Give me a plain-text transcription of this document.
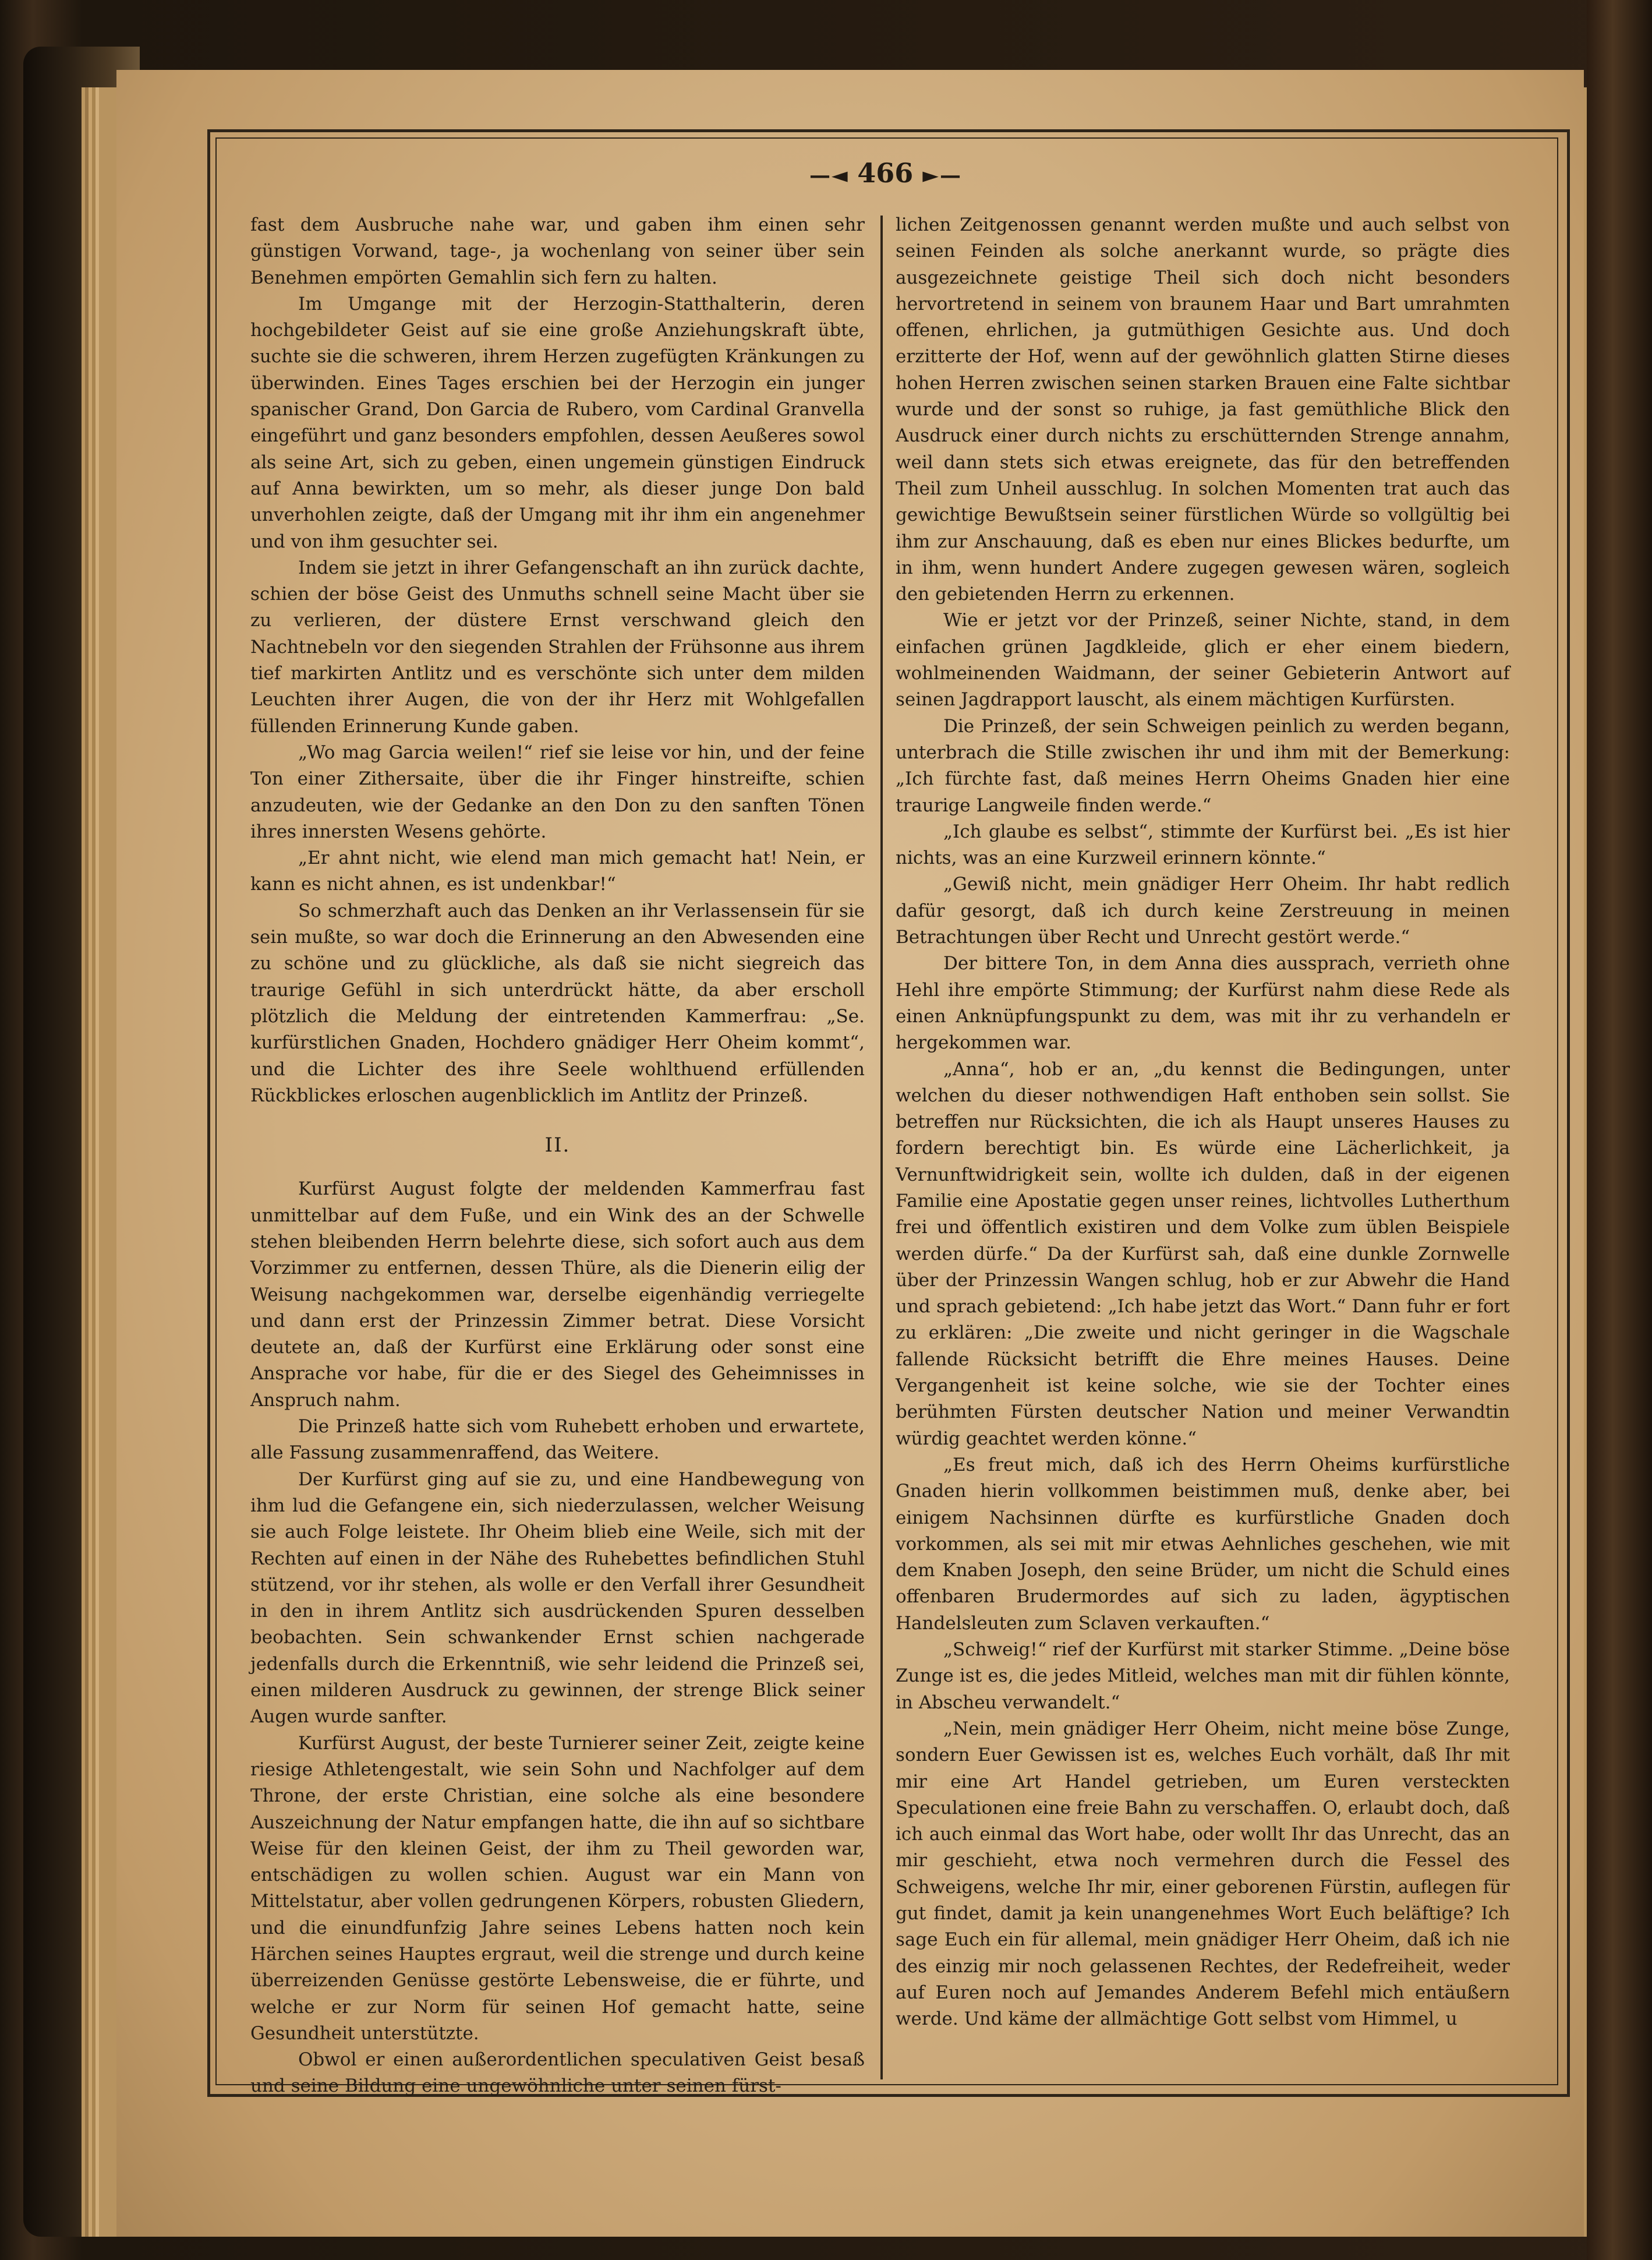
—◄ 466 ►—

fast dem Ausbruche nahe war, und gaben ihm einen sehr günstigen Vorwand, tage-, ja wochenlang von seiner über sein Benehmen empörten Gemahlin sich fern zu halten.

Im Umgange mit der Herzogin-Statthalterin, deren hochgebildeter Geist auf sie eine große Anziehungskraft übte, suchte sie die schweren, ihrem Herzen zugefügten Kränkungen zu überwinden. Eines Tages erschien bei der Herzogin ein junger spanischer Grand, Don Garcia de Rubero, vom Cardinal Granvella eingeführt und ganz besonders empfohlen, dessen Aeußeres sowol als seine Art, sich zu geben, einen ungemein günstigen Eindruck auf Anna bewirkten, um so mehr, als dieser junge Don bald unverhohlen zeigte, daß der Umgang mit ihr ihm ein angenehmer und von ihm gesuchter sei.

Indem sie jetzt in ihrer Gefangenschaft an ihn zurück dachte, schien der böse Geist des Unmuths schnell seine Macht über sie zu verlieren, der düstere Ernst verschwand gleich den Nachtnebeln vor den siegenden Strahlen der Frühsonne aus ihrem tief markirten Antlitz und es verschönte sich unter dem milden Leuchten ihrer Augen, die von der ihr Herz mit Wohlgefallen füllenden Erinnerung Kunde gaben.

„Wo mag Garcia weilen!“ rief sie leise vor hin, und der feine Ton einer Zithersaite, über die ihr Finger hinstreifte, schien anzudeuten, wie der Gedanke an den Don zu den sanften Tönen ihres innersten Wesens gehörte.

„Er ahnt nicht, wie elend man mich gemacht hat! Nein, er kann es nicht ahnen, es ist undenkbar!“

So schmerzhaft auch das Denken an ihr Verlassensein für sie sein mußte, so war doch die Erinnerung an den Abwesenden eine zu schöne und zu glückliche, als daß sie nicht siegreich das traurige Gefühl in sich unterdrückt hätte, da aber erscholl plötzlich die Meldung der eintretenden Kammerfrau: „Se. kurfürstlichen Gnaden, Hochdero gnädiger Herr Oheim kommt“, und die Lichter des ihre Seele wohlthuend erfüllenden Rückblickes erloschen augenblicklich im Antlitz der Prinzeß.

II.

Kurfürst August folgte der meldenden Kammerfrau fast unmittelbar auf dem Fuße, und ein Wink des an der Schwelle stehen bleibenden Herrn belehrte diese, sich sofort auch aus dem Vorzimmer zu entfernen, dessen Thüre, als die Dienerin eilig der Weisung nachgekommen war, derselbe eigenhändig verriegelte und dann erst der Prinzessin Zimmer betrat. Diese Vorsicht deutete an, daß der Kurfürst eine Erklärung oder sonst eine Ansprache vor habe, für die er des Siegel des Geheimnisses in Anspruch nahm.

Die Prinzeß hatte sich vom Ruhebett erhoben und erwartete, alle Fassung zusammenraffend, das Weitere.

Der Kurfürst ging auf sie zu, und eine Handbewegung von ihm lud die Gefangene ein, sich niederzulassen, welcher Weisung sie auch Folge leistete. Ihr Oheim blieb eine Weile, sich mit der Rechten auf einen in der Nähe des Ruhebettes befindlichen Stuhl stützend, vor ihr stehen, als wolle er den Verfall ihrer Gesundheit in den in ihrem Antlitz sich ausdrückenden Spuren desselben beobachten. Sein schwankender Ernst schien nachgerade jedenfalls durch die Erkenntniß, wie sehr leidend die Prinzeß sei, einen milderen Ausdruck zu gewinnen, der strenge Blick seiner Augen wurde sanfter.

Kurfürst August, der beste Turnierer seiner Zeit, zeigte keine riesige Athletengestalt, wie sein Sohn und Nachfolger auf dem Throne, der erste Christian, eine solche als eine besondere Auszeichnung der Natur empfangen hatte, die ihn auf so sichtbare Weise für den kleinen Geist, der ihm zu Theil geworden war, entschädigen zu wollen schien. August war ein Mann von Mittelstatur, aber vollen gedrungenen Körpers, robusten Gliedern, und die einundfunfzig Jahre seines Lebens hatten noch kein Härchen seines Hauptes ergraut, weil die strenge und durch keine überreizenden Genüsse gestörte Lebensweise, die er führte, und welche er zur Norm für seinen Hof gemacht hatte, seine Gesundheit unterstützte.

Obwol er einen außerordentlichen speculativen Geist besaß und seine Bildung eine ungewöhnliche unter seinen fürst-

lichen Zeitgenossen genannt werden mußte und auch selbst von seinen Feinden als solche anerkannt wurde, so prägte dies ausgezeichnete geistige Theil sich doch nicht besonders hervortretend in seinem von braunem Haar und Bart umrahmten offenen, ehrlichen, ja gutmüthigen Gesichte aus. Und doch erzitterte der Hof, wenn auf der gewöhnlich glatten Stirne dieses hohen Herren zwischen seinen starken Brauen eine Falte sichtbar wurde und der sonst so ruhige, ja fast gemüthliche Blick den Ausdruck einer durch nichts zu erschütternden Strenge annahm, weil dann stets sich etwas ereignete, das für den betreffenden Theil zum Unheil ausschlug. In solchen Momenten trat auch das gewichtige Bewußtsein seiner fürstlichen Würde so vollgültig bei ihm zur Anschauung, daß es eben nur eines Blickes bedurfte, um in ihm, wenn hundert Andere zugegen gewesen wären, sogleich den gebietenden Herrn zu erkennen.

Wie er jetzt vor der Prinzeß, seiner Nichte, stand, in dem einfachen grünen Jagdkleide, glich er eher einem biedern, wohlmeinenden Waidmann, der seiner Gebieterin Antwort auf seinen Jagdrapport lauscht, als einem mächtigen Kurfürsten.

Die Prinzeß, der sein Schweigen peinlich zu werden begann, unterbrach die Stille zwischen ihr und ihm mit der Bemerkung: „Ich fürchte fast, daß meines Herrn Oheims Gnaden hier eine traurige Langweile finden werde.“

„Ich glaube es selbst“, stimmte der Kurfürst bei. „Es ist hier nichts, was an eine Kurzweil erinnern könnte.“

„Gewiß nicht, mein gnädiger Herr Oheim. Ihr habt redlich dafür gesorgt, daß ich durch keine Zerstreuung in meinen Betrachtungen über Recht und Unrecht gestört werde.“

Der bittere Ton, in dem Anna dies aussprach, verrieth ohne Hehl ihre empörte Stimmung; der Kurfürst nahm diese Rede als einen Anknüpfungspunkt zu dem, was mit ihr zu verhandeln er hergekommen war.

„Anna“, hob er an, „du kennst die Bedingungen, unter welchen du dieser nothwendigen Haft enthoben sein sollst. Sie betreffen nur Rücksichten, die ich als Haupt unseres Hauses zu fordern berechtigt bin. Es würde eine Lächerlichkeit, ja Vernunftwidrigkeit sein, wollte ich dulden, daß in der eigenen Familie eine Apostatie gegen unser reines, lichtvolles Lutherthum frei und öffentlich existiren und dem Volke zum üblen Beispiele werden dürfe.“ Da der Kurfürst sah, daß eine dunkle Zornwelle über der Prinzessin Wangen schlug, hob er zur Abwehr die Hand und sprach gebietend: „Ich habe jetzt das Wort.“ Dann fuhr er fort zu erklären: „Die zweite und nicht geringer in die Wagschale fallende Rücksicht betrifft die Ehre meines Hauses. Deine Vergangenheit ist keine solche, wie sie der Tochter eines berühmten Fürsten deutscher Nation und meiner Verwandtin würdig geachtet werden könne.“

„Es freut mich, daß ich des Herrn Oheims kurfürstliche Gnaden hierin vollkommen beistimmen muß, denke aber, bei einigem Nachsinnen dürfte es kurfürstliche Gnaden doch vorkommen, als sei mit mir etwas Aehnliches geschehen, wie mit dem Knaben Joseph, den seine Brüder, um nicht die Schuld eines offenbaren Brudermordes auf sich zu laden, ägyptischen Handelsleuten zum Sclaven verkauften.“

„Schweig!“ rief der Kurfürst mit starker Stimme. „Deine böse Zunge ist es, die jedes Mitleid, welches man mit dir fühlen könnte, in Abscheu verwandelt.“

„Nein, mein gnädiger Herr Oheim, nicht meine böse Zunge, sondern Euer Gewissen ist es, welches Euch vorhält, daß Ihr mit mir eine Art Handel getrieben, um Euren versteckten Speculationen eine freie Bahn zu verschaffen. O, erlaubt doch, daß ich auch einmal das Wort habe, oder wollt Ihr das Unrecht, das an mir geschieht, etwa noch vermehren durch die Fessel des Schweigens, welche Ihr mir, einer geborenen Fürstin, auflegen für gut findet, damit ja kein unangenehmes Wort Euch beläftige? Ich sage Euch ein für allemal, mein gnädiger Herr Oheim, daß ich nie des einzig mir noch gelassenen Rechtes, der Redefreiheit, weder auf Euren noch auf Jemandes Anderem Befehl mich entäußern werde. Und käme der allmächtige Gott selbst vom Himmel, u
